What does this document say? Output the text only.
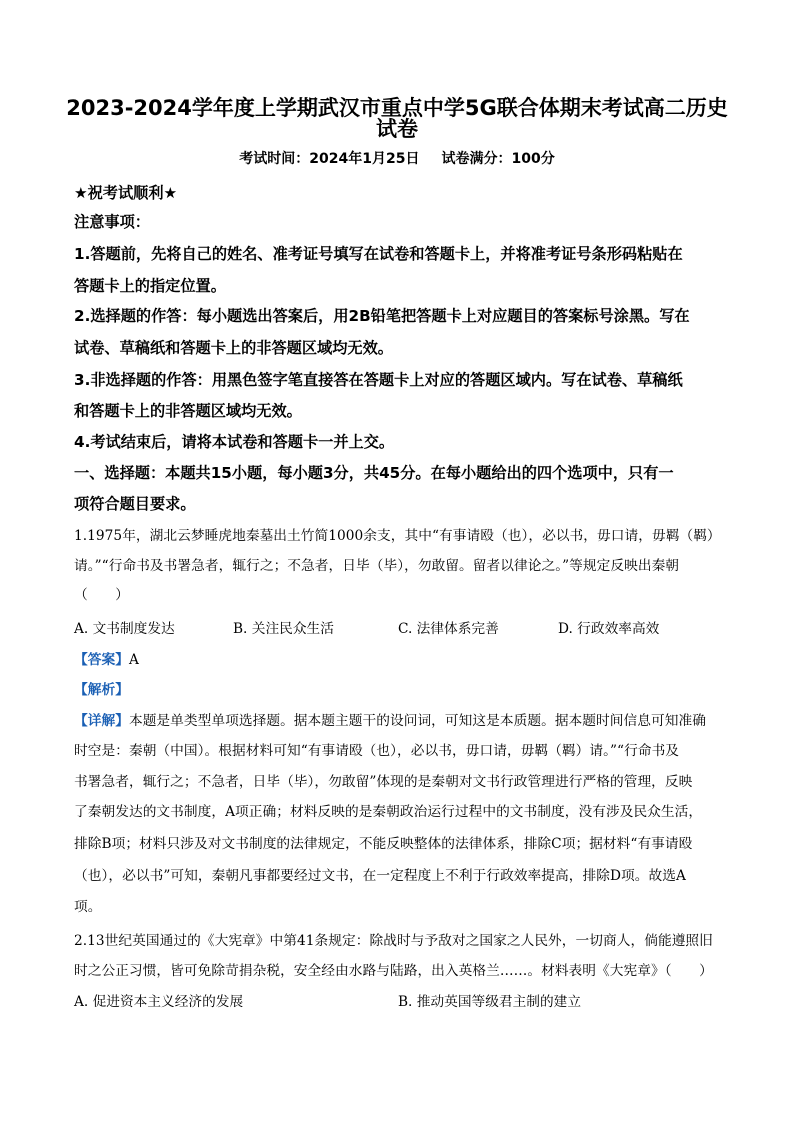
2023-2024学年度上学期武汉市重点中学5G联合体期末考试高二历史
试卷
考试时间：2024年1月25日 试卷满分：100分
★祝考试顺利★
注意事项：
1.答题前，先将自己的姓名、准考证号填写在试卷和答题卡上，并将准考证号条形码粘贴在
答题卡上的指定位置。
2.选择题的作答：每小题选出答案后，用2B铅笔把答题卡上对应题目的答案标号涂黑。写在
试卷、草稿纸和答题卡上的非答题区域均无效。
3.非选择题的作答：用黑色签字笔直接答在答题卡上对应的答题区域内。写在试卷、草稿纸
和答题卡上的非答题区域均无效。
4.考试结束后，请将本试卷和答题卡一并上交。
一、选择题：本题共15小题，每小题3分，共45分。在每小题给出的四个选项中，只有一
项符合题目要求。
1.1975年，湖北云梦睡虎地秦墓出土竹简1000余支，其中“有事请殴（也），必以书，毋口请，毋羁（羁）
请。”“行命书及书署急者，辄行之；不急者，日毕（毕），勿敢留。留者以律论之。”等规定反映出秦朝
（　　）
A. 文书制度发达	B. 关注民众生活	C. 法律体系完善	D. 行政效率高效
【答案】A
【解析】
【详解】本题是单类型单项选择题。据本题主题干的设问词，可知这是本质题。据本题时间信息可知准确
时空是：秦朝（中国）。根据材料可知“有事请殴（也），必以书，毋口请，毋羁（羁）请。”“行命书及
书署急者，辄行之；不急者，日毕（毕），勿敢留”体现的是秦朝对文书行政管理进行严格的管理，反映
了秦朝发达的文书制度，A项正确；材料反映的是秦朝政治运行过程中的文书制度，没有涉及民众生活，
排除B项；材料只涉及对文书制度的法律规定，不能反映整体的法律体系，排除C项；据材料“有事请殴
（也），必以书”可知，秦朝凡事都要经过文书，在一定程度上不利于行政效率提高，排除D项。故选A
项。
2.13世纪英国通过的《大宪章》中第41条规定：除战时与予敌对之国家之人民外，一切商人，倘能遵照旧
时之公正习惯，皆可免除苛捐杂税，安全经由水路与陆路，出入英格兰……。材料表明《大宪章》（　　）
A. 促进资本主义经济的发展	B. 推动英国等级君主制的建立
